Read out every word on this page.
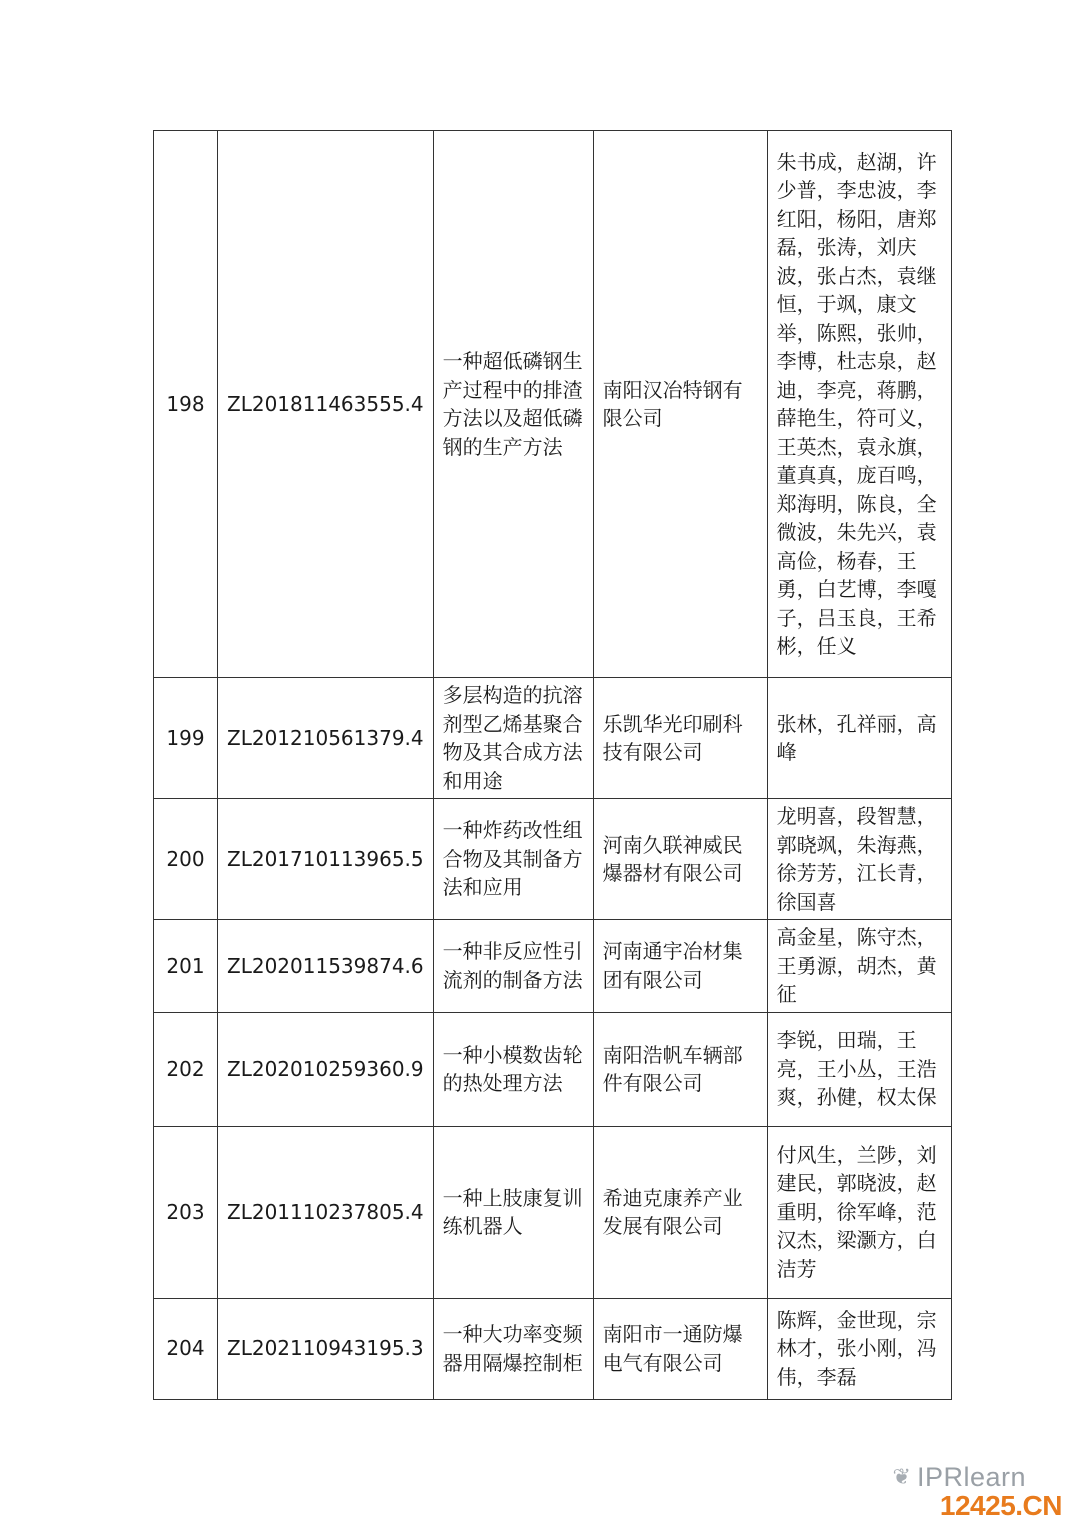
198	ZL201811463555.4	一种超低磷钢生产过程中的排渣方法以及超低磷钢的生产方法	南阳汉冶特钢有限公司	朱书成，赵湖，许少普，李忠波，李红阳，杨阳，唐郑磊，张涛，刘庆波，张占杰，袁继恒，于飒，康文举，陈熙，张帅，李博，杜志泉，赵迪，李亮，蒋鹏，薛艳生，符可义，王英杰，袁永旗，董真真，庞百鸣，郑海明，陈良，全微波，朱先兴，袁高俭，杨春，王勇，白艺博，李嘎子，吕玉良，王希彬，任义
199	ZL201210561379.4	多层构造的抗溶剂型乙烯基聚合物及其合成方法和用途	乐凯华光印刷科技有限公司	张林，孔祥丽，高峰
200	ZL201710113965.5	一种炸药改性组合物及其制备方法和应用	河南久联神威民爆器材有限公司	龙明喜，段智慧，郭晓飒，朱海燕，徐芳芳，江长青，徐国喜
201	ZL202011539874.6	一种非反应性引流剂的制备方法	河南通宇冶材集团有限公司	高金星，陈守杰，王勇源，胡杰，黄征
202	ZL202010259360.9	一种小模数齿轮的热处理方法	南阳浩帆车辆部件有限公司	李锐，田瑞，王亮，王小丛，王浩爽，孙健，权太保
203	ZL201110237805.4	一种上肢康复训练机器人	希迪克康养产业发展有限公司	付风生，兰陟，刘建民，郭晓波，赵重明，徐军峰，范汉杰，梁灏方，白洁芳
204	ZL202110943195.3	一种大功率变频器用隔爆控制柜	南阳市一通防爆电气有限公司	陈辉，金世现，宗林才，张小刚，冯伟，李磊
❦ IPRlearn
12425.CN
